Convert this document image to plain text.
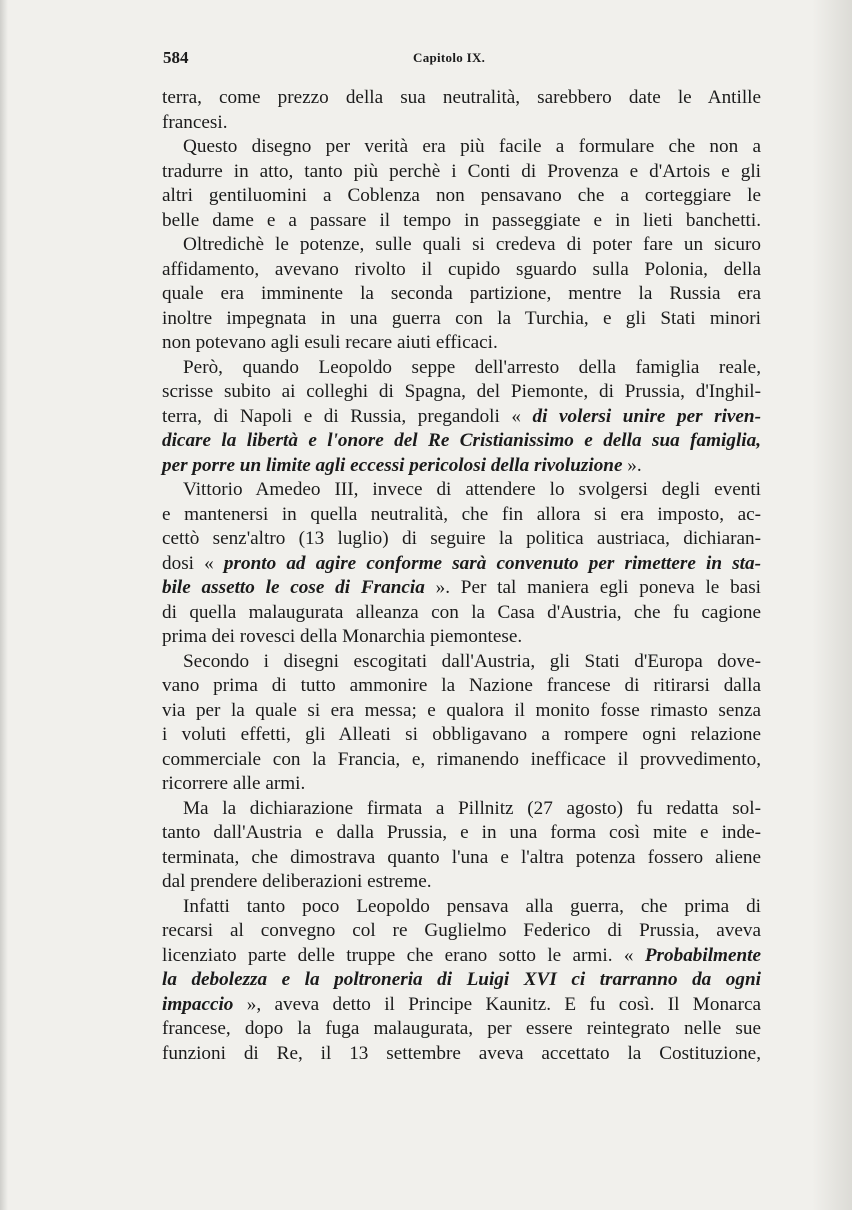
584	Capitolo IX.

terra, come prezzo della sua neutralità, sarebbero date le Antille

francesi.

Questo disegno per verità era più facile a formulare che non a

tradurre in atto, tanto più perchè i Conti di Provenza e d'Artois e gli

altri gentiluomini a Coblenza non pensavano che a corteggiare le

belle dame e a passare il tempo in passeggiate e in lieti banchetti.

Oltredichè le potenze, sulle quali si credeva di poter fare un sicuro

affidamento, avevano rivolto il cupido sguardo sulla Polonia, della

quale era imminente la seconda partizione, mentre la Russia era

inoltre impegnata in una guerra con la Turchia, e gli Stati minori

non potevano agli esuli recare aiuti efficaci.

Però, quando Leopoldo seppe dell'arresto della famiglia reale,

scrisse subito ai colleghi di Spagna, del Piemonte, di Prussia, d'Inghil-

terra, di Napoli e di Russia, pregandoli « di volersi unire per riven-

dicare la libertà e l'onore del Re Cristianissimo e della sua famiglia,

per porre un limite agli eccessi pericolosi della rivoluzione ».

Vittorio Amedeo III, invece di attendere lo svolgersi degli eventi

e mantenersi in quella neutralità, che fin allora si era imposto, ac-

cettò senz'altro (13 luglio) di seguire la politica austriaca, dichiaran-

dosi « pronto ad agire conforme sarà convenuto per rimettere in sta-

bile assetto le cose di Francia ». Per tal maniera egli poneva le basi

di quella malaugurata alleanza con la Casa d'Austria, che fu cagione

prima dei rovesci della Monarchia piemontese.

Secondo i disegni escogitati dall'Austria, gli Stati d'Europa dove-

vano prima di tutto ammonire la Nazione francese di ritirarsi dalla

via per la quale si era messa; e qualora il monito fosse rimasto senza

i voluti effetti, gli Alleati si obbligavano a rompere ogni relazione

commerciale con la Francia, e, rimanendo inefficace il provvedimento,

ricorrere alle armi.

Ma la dichiarazione firmata a Pillnitz (27 agosto) fu redatta sol-

tanto dall'Austria e dalla Prussia, e in una forma così mite e inde-

terminata, che dimostrava quanto l'una e l'altra potenza fossero aliene

dal prendere deliberazioni estreme.

Infatti tanto poco Leopoldo pensava alla guerra, che prima di

recarsi al convegno col re Guglielmo Federico di Prussia, aveva

licenziato parte delle truppe che erano sotto le armi. « Probabilmente

la debolezza e la poltroneria di Luigi XVI ci trarranno da ogni

impaccio », aveva detto il Principe Kaunitz. E fu così. Il Monarca

francese, dopo la fuga malaugurata, per essere reintegrato nelle sue

funzioni di Re, il 13 settembre aveva accettato la Costituzione,
